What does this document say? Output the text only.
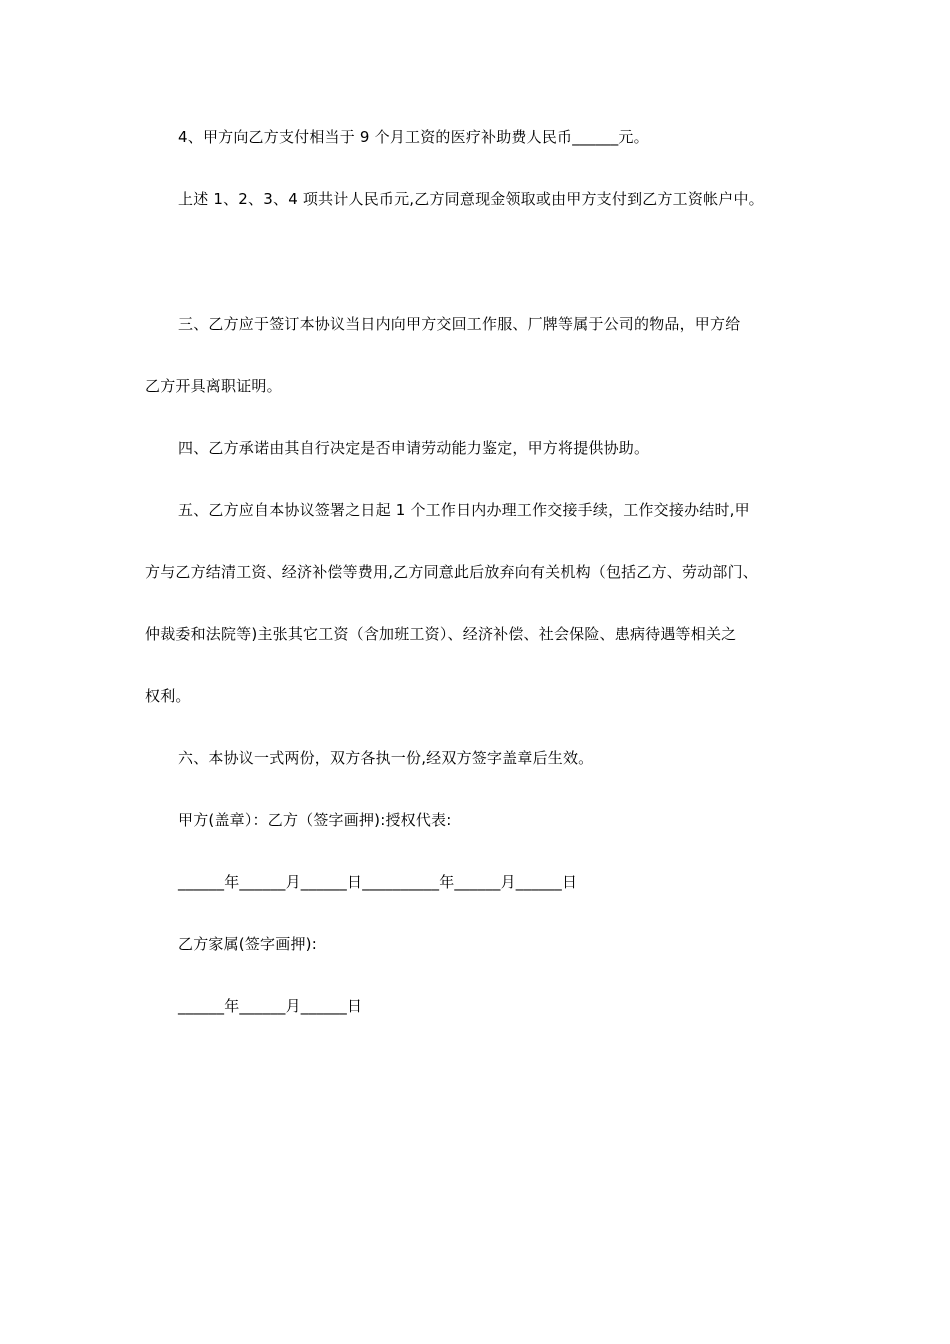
4、甲方向乙方支付相当于 9 个月工资的医疗补助费人民币______元。
上述 1、2、3、4 项共计人民币元,乙方同意现金领取或由甲方支付到乙方工资帐户中。
三、乙方应于签订本协议当日内向甲方交回工作服、厂牌等属于公司的物品，甲方给
乙方开具离职证明。
四、乙方承诺由其自行决定是否申请劳动能力鉴定，甲方将提供协助。
五、乙方应自本协议签署之日起 1 个工作日内办理工作交接手续，工作交接办结时,甲
方与乙方结清工资、经济补偿等费用,乙方同意此后放弃向有关机构（包括乙方、劳动部门、
仲裁委和法院等)主张其它工资（含加班工资）、经济补偿、社会保险、患病待遇等相关之
权利。
六、本协议一式两份，双方各执一份,经双方签字盖章后生效。
甲方(盖章）：乙方（签字画押):授权代表:
______年______月______日__________年______月______日
乙方家属(签字画押):
______年______月______日
